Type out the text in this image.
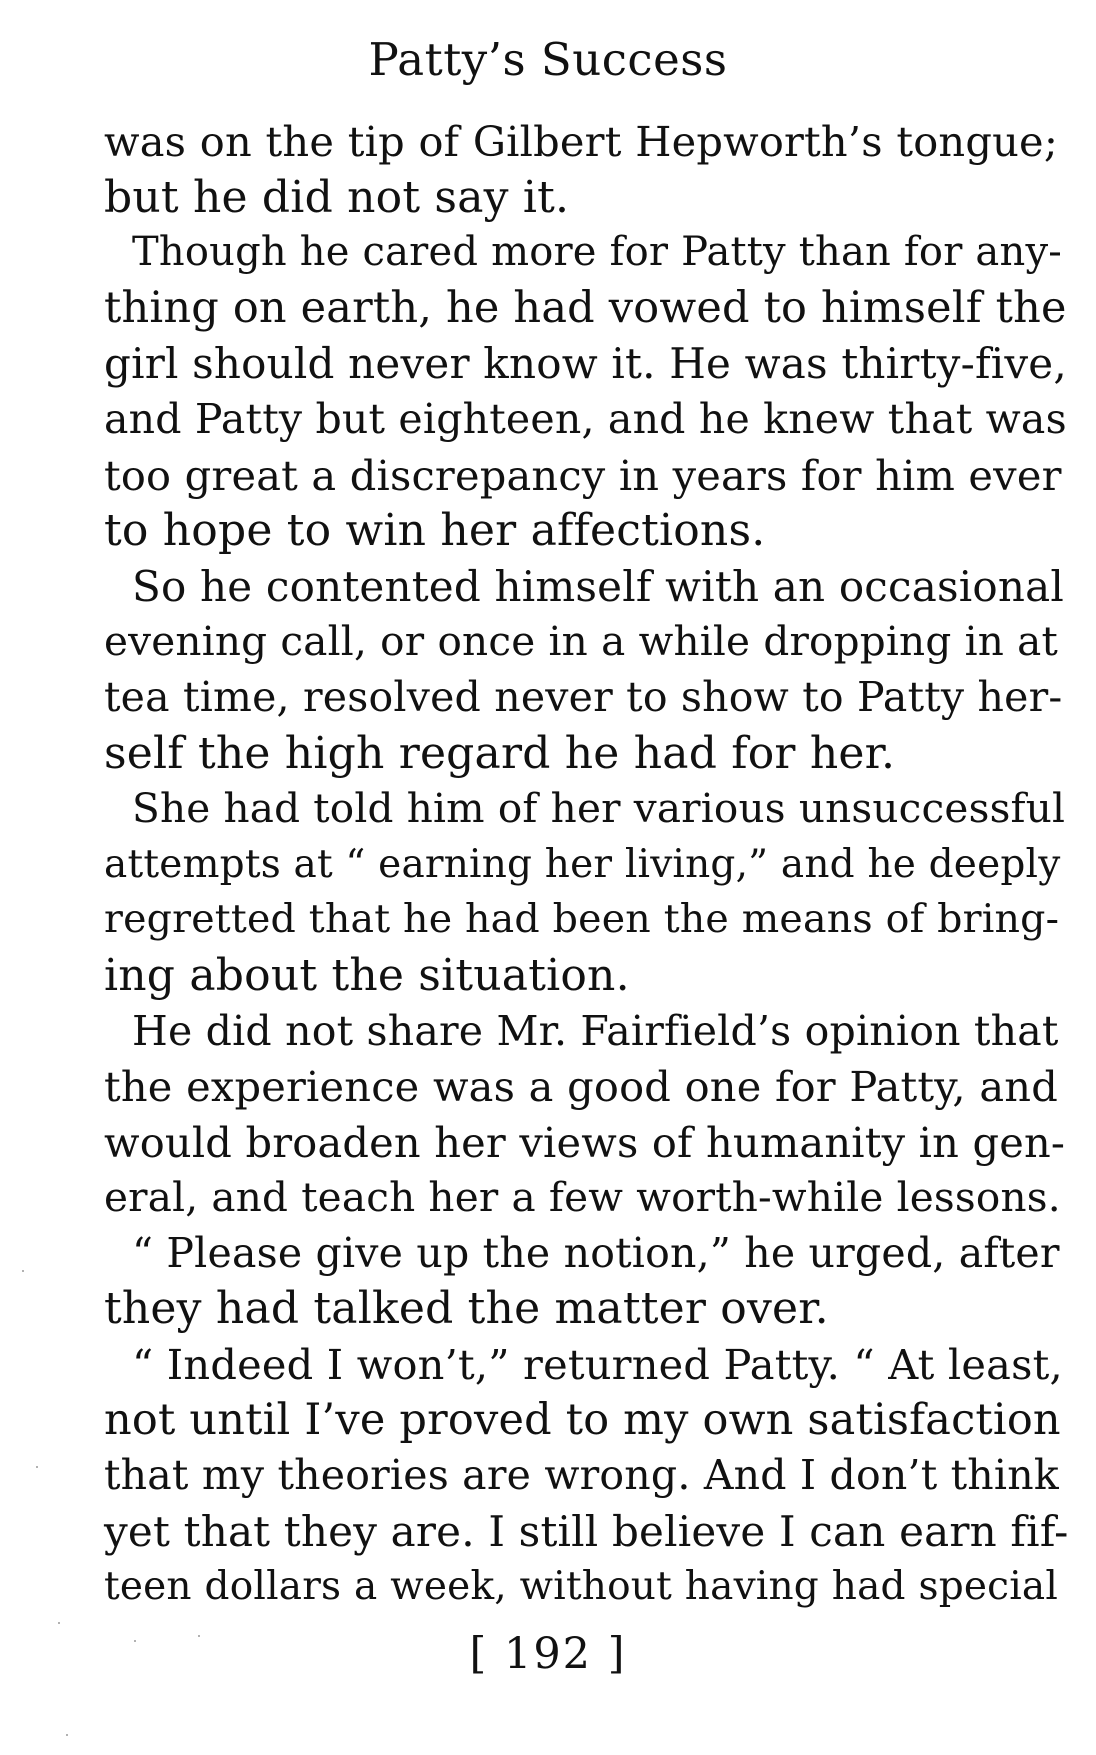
Patty’s Success
was on the tip of Gilbert Hepworth’s tongue;
but he did not say it.
Though he cared more for Patty than for any-
thing on earth, he had vowed to himself the
girl should never know it. He was thirty-five,
and Patty but eighteen, and he knew that was
too great a discrepancy in years for him ever
to hope to win her affections.
So he contented himself with an occasional
evening call, or once in a while dropping in at
tea time, resolved never to show to Patty her-
self the high regard he had for her.
She had told him of her various unsuccessful
attempts at “ earning her living,” and he deeply
regretted that he had been the means of bring-
ing about the situation.
He did not share Mr. Fairfield’s opinion that
the experience was a good one for Patty, and
would broaden her views of humanity in gen-
eral, and teach her a few worth-while lessons.
“ Please give up the notion,” he urged, after
they had talked the matter over.
“ Indeed I won’t,” returned Patty. “ At least,
not until I’ve proved to my own satisfaction
that my theories are wrong. And I don’t think
yet that they are. I still believe I can earn fif-
teen dollars a week, without having had special
[ 192 ]
